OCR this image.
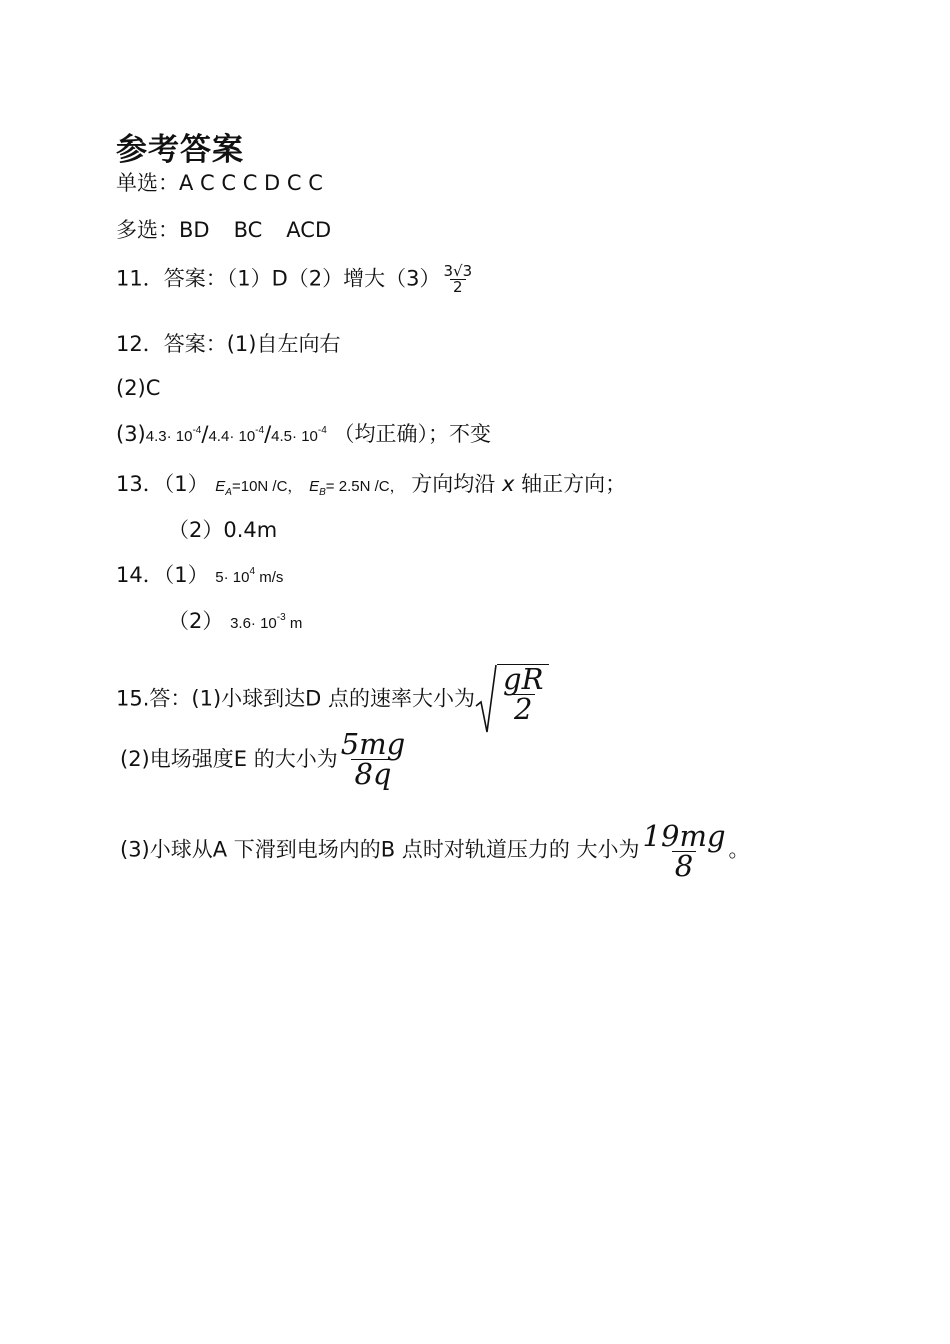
参考答案
单选：A C C C D C C
多选：BD BC ACD
11．答案：（1）D（2）增大$(3) \frac{3√3}{2}$
12．答案：(1)自左向右
(2)C
$(3)4.3\cdot 10^{-4}/4.4\cdot 10^{-4}/4.5\cdot 10^{-4}$ （均正确）；不变
13．（1） $E_A=10N$ /C， $E_B= 2.5N$ /C， 方向均沿 x 轴正方向；
（2）0.4m
14．（1） $5\cdot 10^4$ m/s
（2） $3.6\cdot 10^{-3}$ m
15.答：(1)小球到达D 点的速率大小为 $\frac{gR}{2}$
(2)电场强度E 的大小为 $\frac{5mg}{8q}$
(3)小球从A 下滑到电场内的B 点时对轨道压力的 大小为 $\frac{19mg}{8}$ 。
